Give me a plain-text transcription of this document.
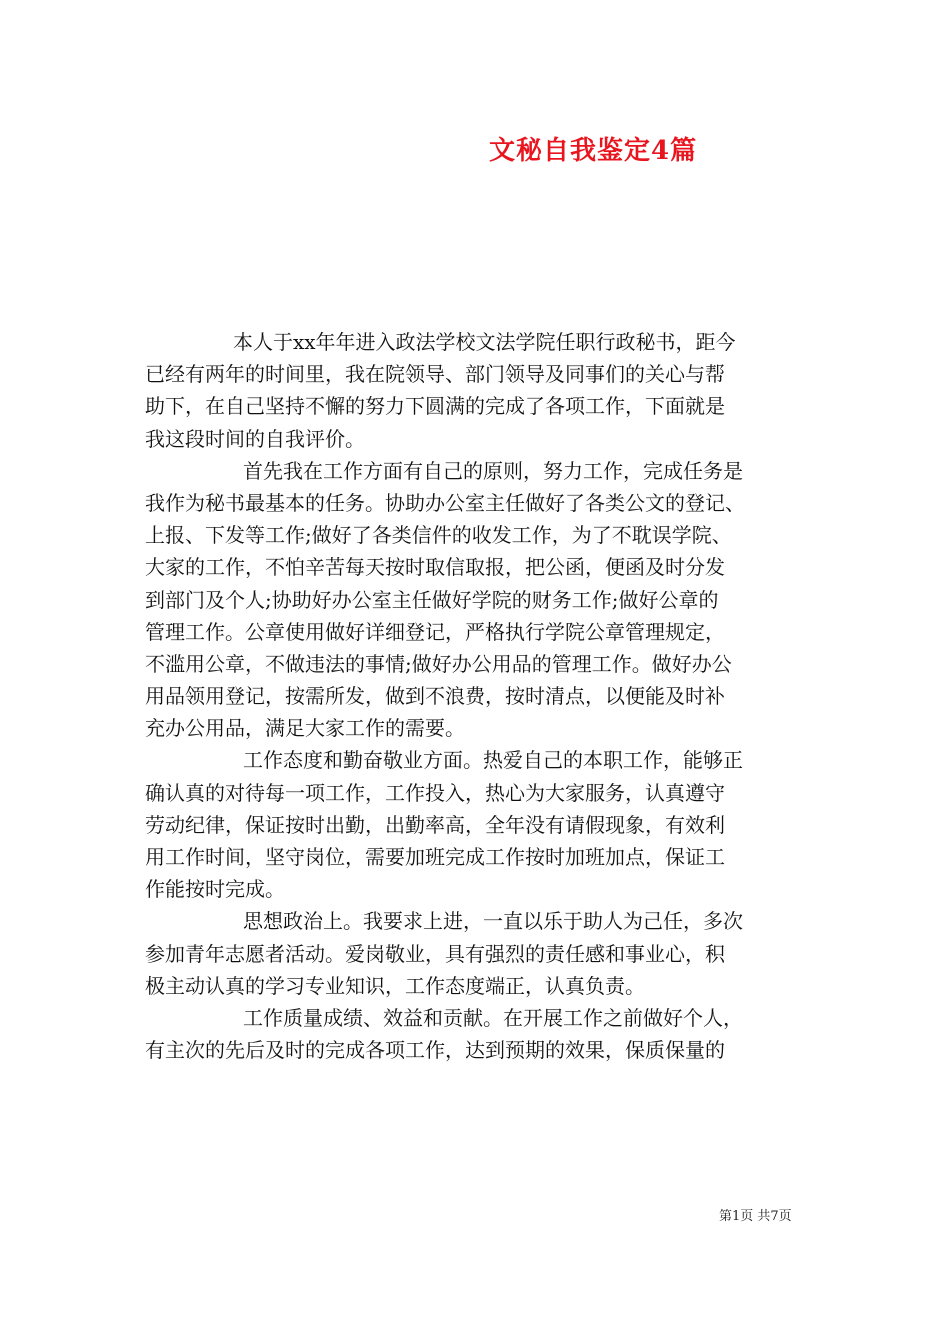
文秘自我鉴定4篇
本人于xx年年进入政法学校文法学院任职行政秘书，距今
已经有两年的时间里，我在院领导、部门领导及同事们的关心与帮
助下，在自己坚持不懈的努力下圆满的完成了各项工作，下面就是
我这段时间的自我评价。
首先我在工作方面有自己的原则，努力工作，完成任务是
我作为秘书最基本的任务。协助办公室主任做好了各类公文的登记、
上报、下发等工作;做好了各类信件的收发工作，为了不耽误学院、
大家的工作，不怕辛苦每天按时取信取报，把公函，便函及时分发
到部门及个人;协助好办公室主任做好学院的财务工作;做好公章的
管理工作。公章使用做好详细登记，严格执行学院公章管理规定，
不滥用公章，不做违法的事情;做好办公用品的管理工作。做好办公
用品领用登记，按需所发，做到不浪费，按时清点，以便能及时补
充办公用品，满足大家工作的需要。
工作态度和勤奋敬业方面。热爱自己的本职工作，能够正
确认真的对待每一项工作，工作投入，热心为大家服务，认真遵守
劳动纪律，保证按时出勤，出勤率高，全年没有请假现象，有效利
用工作时间，坚守岗位，需要加班完成工作按时加班加点，保证工
作能按时完成。
思想政治上。我要求上进，一直以乐于助人为己任，多次
参加青年志愿者活动。爱岗敬业，具有强烈的责任感和事业心，积
极主动认真的学习专业知识，工作态度端正，认真负责。
工作质量成绩、效益和贡献。在开展工作之前做好个人，
有主次的先后及时的完成各项工作，达到预期的效果，保质保量的
第1页 共7页
